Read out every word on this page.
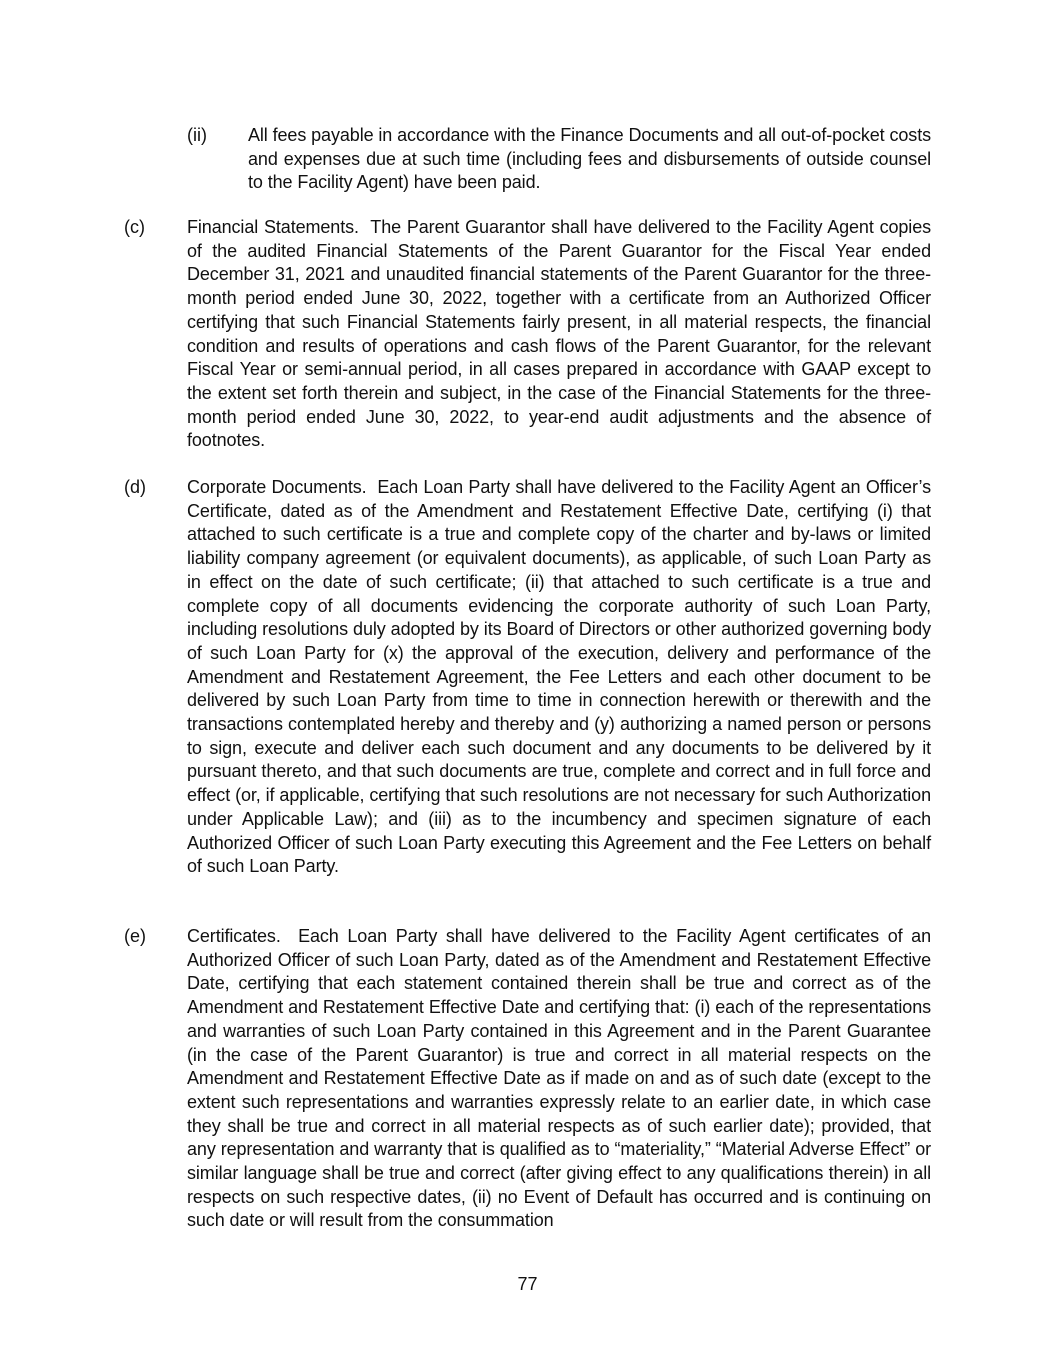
(ii) All fees payable in accordance with the Finance Documents and all out-of-pocket costs and expenses due at such time (including fees and disbursements of outside counsel to the Facility Agent) have been paid.
(c) Financial Statements. The Parent Guarantor shall have delivered to the Facility Agent copies of the audited Financial Statements of the Parent Guarantor for the Fiscal Year ended December 31, 2021 and unaudited financial statements of the Parent Guarantor for the three-month period ended June 30, 2022, together with a certificate from an Authorized Officer certifying that such Financial Statements fairly present, in all material respects, the financial condition and results of operations and cash flows of the Parent Guarantor, for the relevant Fiscal Year or semi-annual period, in all cases prepared in accordance with GAAP except to the extent set forth therein and subject, in the case of the Financial Statements for the three-month period ended June 30, 2022, to year-end audit adjustments and the absence of footnotes.
(d) Corporate Documents. Each Loan Party shall have delivered to the Facility Agent an Officer’s Certificate, dated as of the Amendment and Restatement Effective Date, certifying (i) that attached to such certificate is a true and complete copy of the charter and by-laws or limited liability company agreement (or equivalent documents), as applicable, of such Loan Party as in effect on the date of such certificate; (ii) that attached to such certificate is a true and complete copy of all documents evidencing the corporate authority of such Loan Party, including resolutions duly adopted by its Board of Directors or other authorized governing body of such Loan Party for (x) the approval of the execution, delivery and performance of the Amendment and Restatement Agreement, the Fee Letters and each other document to be delivered by such Loan Party from time to time in connection herewith or therewith and the transactions contemplated hereby and thereby and (y) authorizing a named person or persons to sign, execute and deliver each such document and any documents to be delivered by it pursuant thereto, and that such documents are true, complete and correct and in full force and effect (or, if applicable, certifying that such resolutions are not necessary for such Authorization under Applicable Law); and (iii) as to the incumbency and specimen signature of each Authorized Officer of such Loan Party executing this Agreement and the Fee Letters on behalf of such Loan Party.
(e) Certificates. Each Loan Party shall have delivered to the Facility Agent certificates of an Authorized Officer of such Loan Party, dated as of the Amendment and Restatement Effective Date, certifying that each statement contained therein shall be true and correct as of the Amendment and Restatement Effective Date and certifying that: (i) each of the representations and warranties of such Loan Party contained in this Agreement and in the Parent Guarantee (in the case of the Parent Guarantor) is true and correct in all material respects on the Amendment and Restatement Effective Date as if made on and as of such date (except to the extent such representations and warranties expressly relate to an earlier date, in which case they shall be true and correct in all material respects as of such earlier date); provided, that any representation and warranty that is qualified as to “materiality,” “Material Adverse Effect” or similar language shall be true and correct (after giving effect to any qualifications therein) in all respects on such respective dates, (ii) no Event of Default has occurred and is continuing on such date or will result from the consummation
77
